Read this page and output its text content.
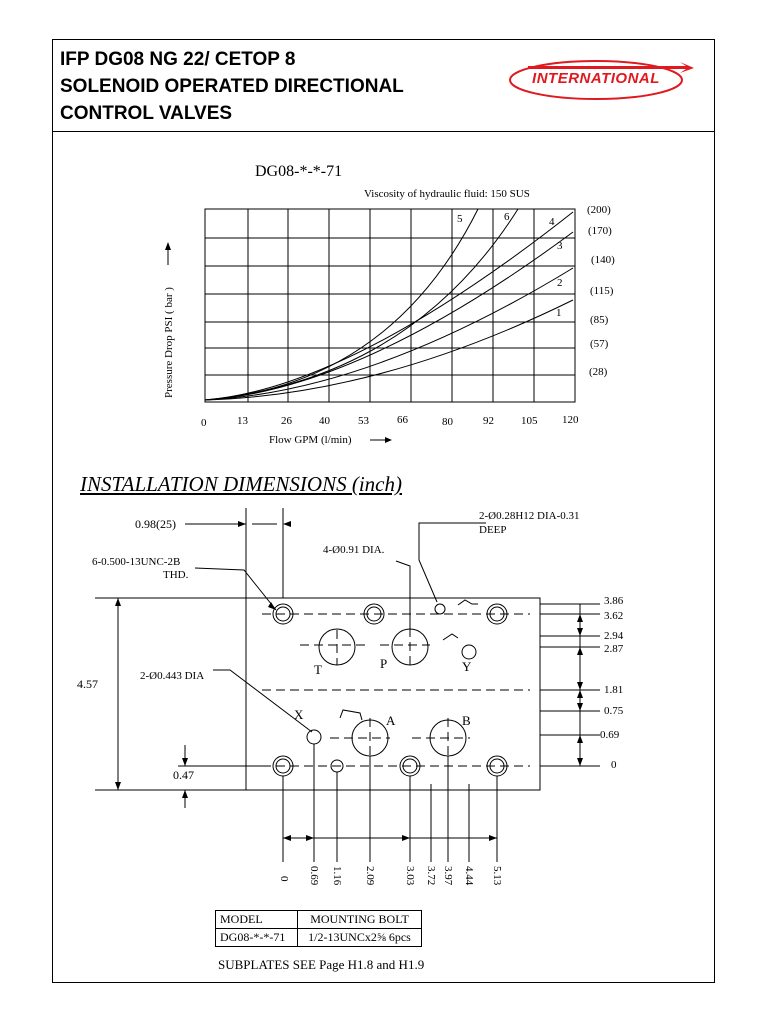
IFP DG08 NG 22/ CETOP 8
SOLENOID OPERATED DIRECTIONAL
CONTROL VALVES
INTERNATIONAL
INSTALLATION DIMENSIONS (inch)
DG08-*-*-71
Viscosity of hydraulic fluid: 150 SUS
1
2
3
4
5	6
(200)
(170)
(140)
(115)
(85)
(57)
(28)
0	13	26 40	53	66	80	92 105 120
Flow GPM (l/min)
Pressure Drop PSI ( bar )
T	P	Y
X	A	B
0.98(25)
6-0.500-13UNC-2B
THD.
4-Ø0.91 DIA.
2-Ø0.28H12 DIA-0.31
DEEP
2-Ø0.443 DIA
4.57
0.47
3.86
3.62
2.94
2.87
1.81
0.75
0.69
0
0 0.69 1.16 2.09	3.03 3.72 3.97 4.44 5.13
MODEL	MOUNTING BOLT
DG08-*-*-71	1/2-13UNCx2⅝ 6pcs
SUBPLATES SEE Page H1.8 and H1.9
